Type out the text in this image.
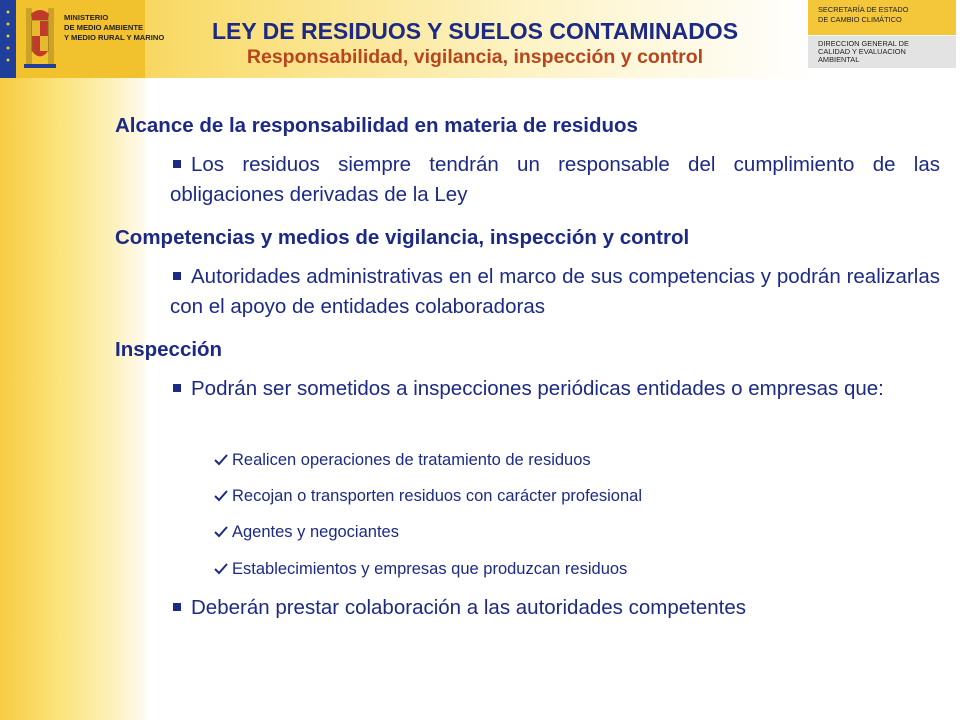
MINISTERIO
DE MEDIO AMBIENTE
Y MEDIO RURAL Y MARINO	LEY DE RESIDUOS Y SUELOS CONTAMINADOS
Responsabilidad, vigilancia, inspección y control
SECRETARÍA DE ESTADO
DE CAMBIO CLIMÁTICO
DIRECCION GENERAL DE
CALIDAD Y EVALUACION
AMBIENTAL
Alcance de la responsabilidad en materia de residuos
Los residuos siempre tendrán un responsable del cumplimiento de las obligaciones derivadas de la Ley
Competencias y medios de vigilancia, inspección y control
Autoridades administrativas en el marco de sus competencias y podrán realizarlas con el apoyo de entidades colaboradoras
Inspección
Podrán ser sometidos a inspecciones periódicas entidades o empresas que:
Realicen operaciones de tratamiento de residuos
Recojan o transporten residuos con carácter profesional
Agentes y negociantes
Establecimientos y empresas que produzcan residuos
Deberán prestar colaboración a las autoridades competentes
